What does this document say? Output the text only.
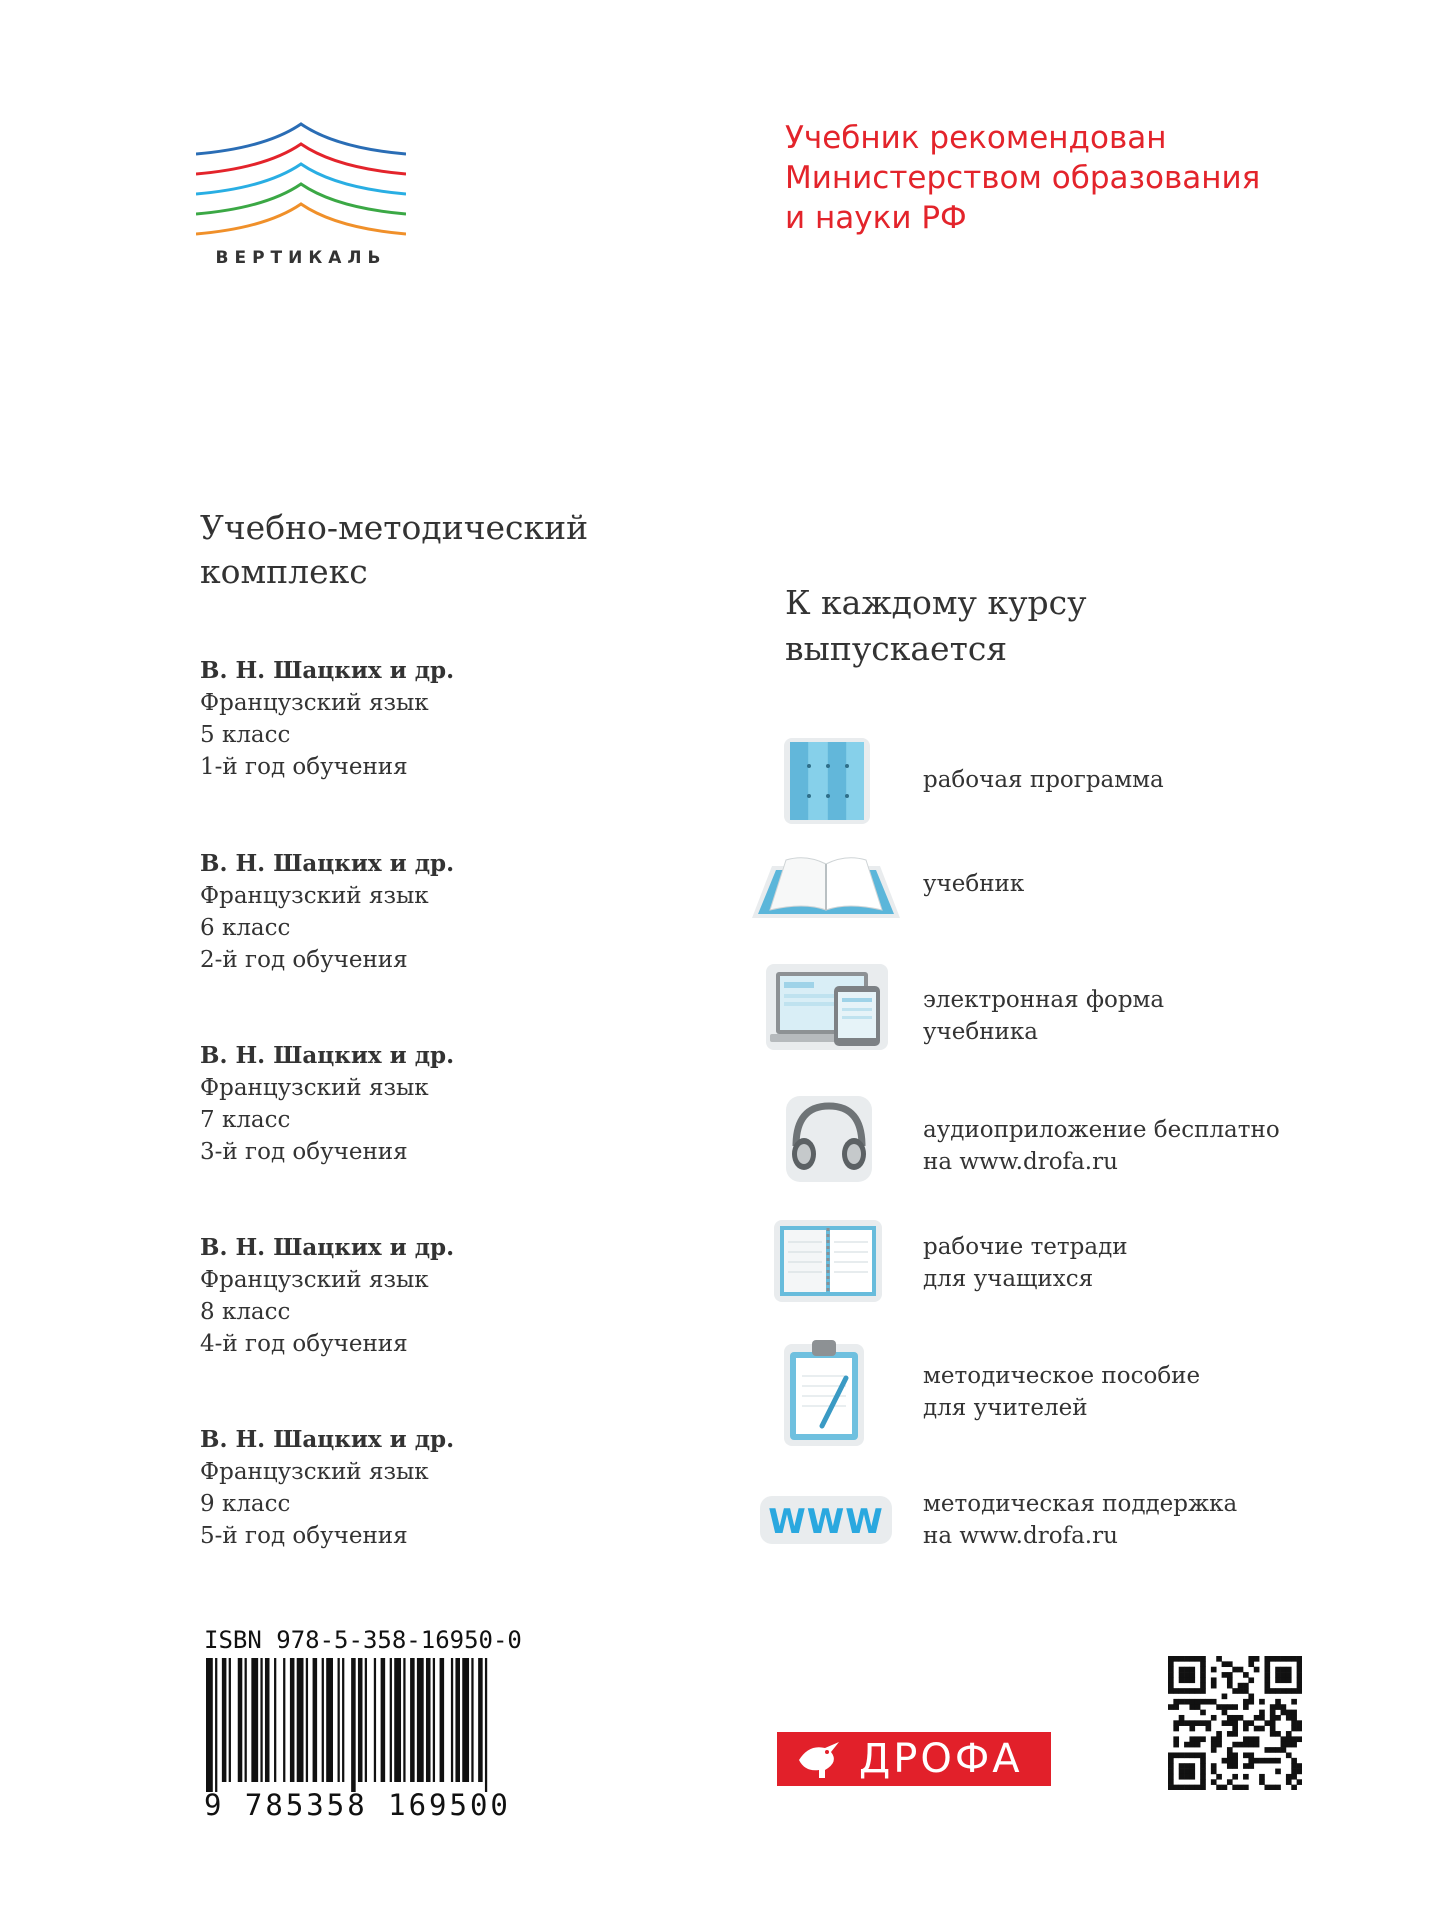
ВЕРТИКАЛЬ
Учебник рекомендован
Министерством образования
и науки РФ
Учебно-методический
комплекс
В. Н. Шацких и др.
Французский язык
5 класс
1-й год обучения
В. Н. Шацких и др.
Французский язык
6 класс
2-й год обучения
В. Н. Шацких и др.
Французский язык
7 класс
3-й год обучения
В. Н. Шацких и др.
Французский язык
8 класс
4-й год обучения
В. Н. Шацких и др.
Французский язык
9 класс
5-й год обучения
К каждому курсу
выпускается
рабочая программа
учебник
электронная форма
учебника
аудиоприложение бесплатно
на www.drofa.ru
рабочие тетради
для учащихся
методическое пособие
для учителей
WWW методическая поддержка
на www.drofa.ru
ISBN 978-5-358-16950-0
9 785358 169500
ДРОФА
